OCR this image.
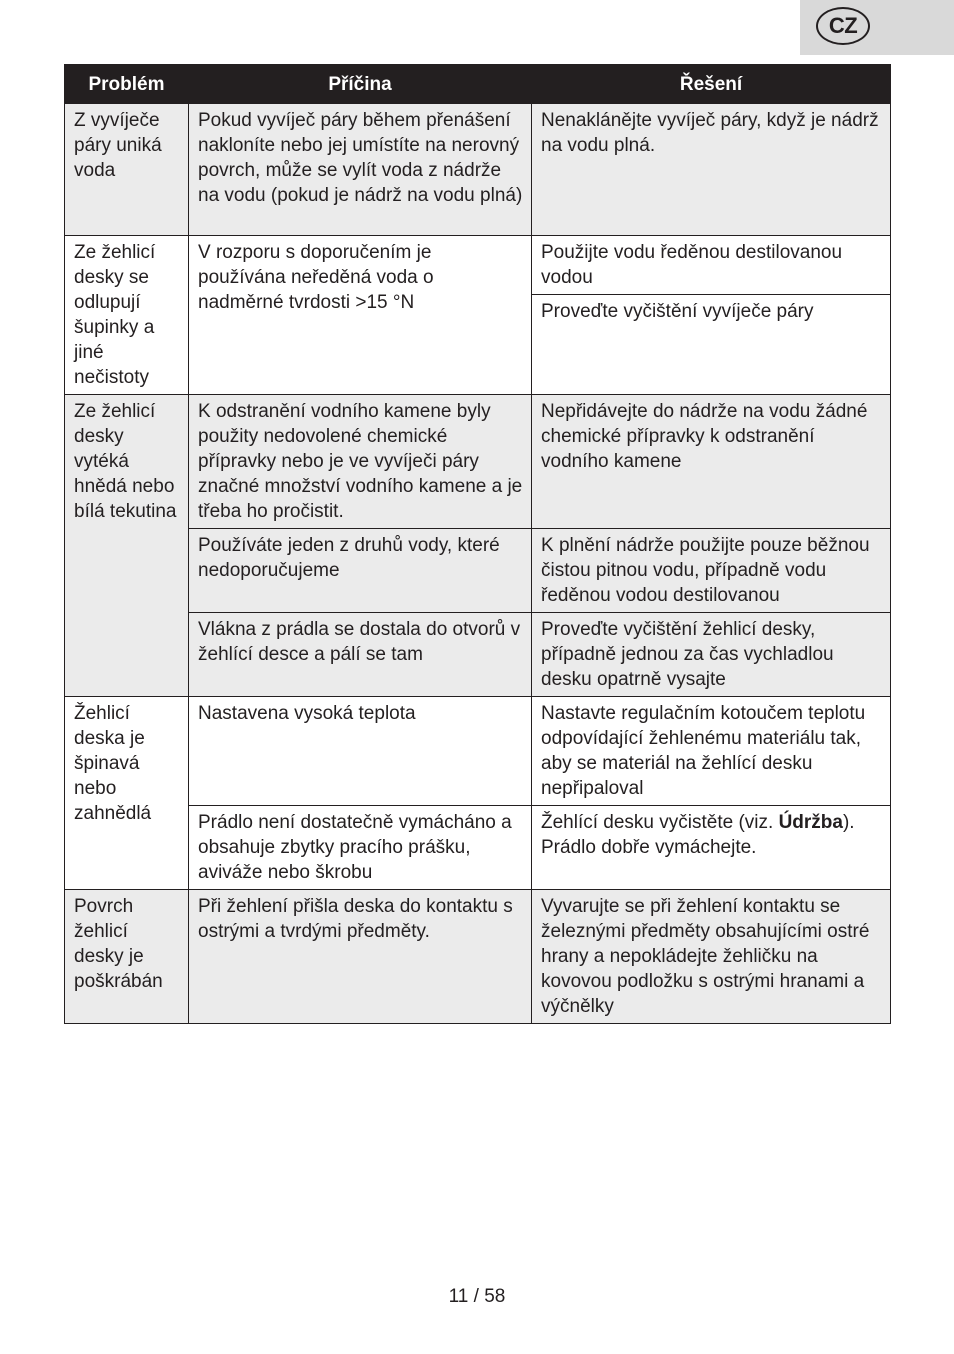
CZ
Problém	Příčina	Řešení
Z vyvíječe páry uniká voda	Pokud vyvíječ páry během přenášení nakloníte nebo jej umístíte na nerovný povrch, může se vylít voda z nádrže na vodu (pokud je nádrž na vodu plná)	Nenaklánějte vyvíječ páry, když je nádrž na vodu plná.
Ze žehlicí desky se odlupují šupinky a jiné nečistoty	V rozporu s doporučením je používána neředěná voda o nadměrné tvrdosti >15 °N	Použijte vodu ředěnou destilovanou vodou
		Proveďte vyčištění vyvíječe páry
Ze žehlicí desky vytéká hnědá nebo bílá tekutina	K odstranění vodního kamene byly použity nedovolené chemické přípravky nebo je ve vyvíječi páry značné množství vodního kamene a je třeba ho pročistit.	Nepřidávejte do nádrže na vodu žádné chemické přípravky k odstranění vodního kamene
	Používáte jeden z druhů vody, které nedoporučujeme	K plnění nádrže použijte pouze běžnou čistou pitnou vodu, případně vodu ředěnou vodou destilovanou
	Vlákna z prádla se dostala do otvorů v žehlící desce a pálí se tam	Proveďte vyčištění žehlicí desky, případně jednou za čas vychladlou desku opatrně vysajte
Žehlicí deska je špinavá nebo zahnědlá	Nastavena vysoká teplota	Nastavte regulačním kotoučem teplotu odpovídající žehlenému materiálu tak, aby se materiál na žehlící desku nepřipaloval
	Prádlo není dostatečně vymácháno a obsahuje zbytky pracího prášku, aviváže nebo škrobu	Žehlící desku vyčistěte (viz. Údržba). Prádlo dobře vymáchejte.
Povrch žehlicí desky je poškrábán	Při žehlení přišla deska do kontaktu s ostrými a tvrdými předměty.	Vyvarujte se při žehlení kontaktu se železnými předměty obsahujícími ostré hrany a nepokládejte žehličku na kovovou podložku s ostrými hranami a výčnělky
11 / 58
